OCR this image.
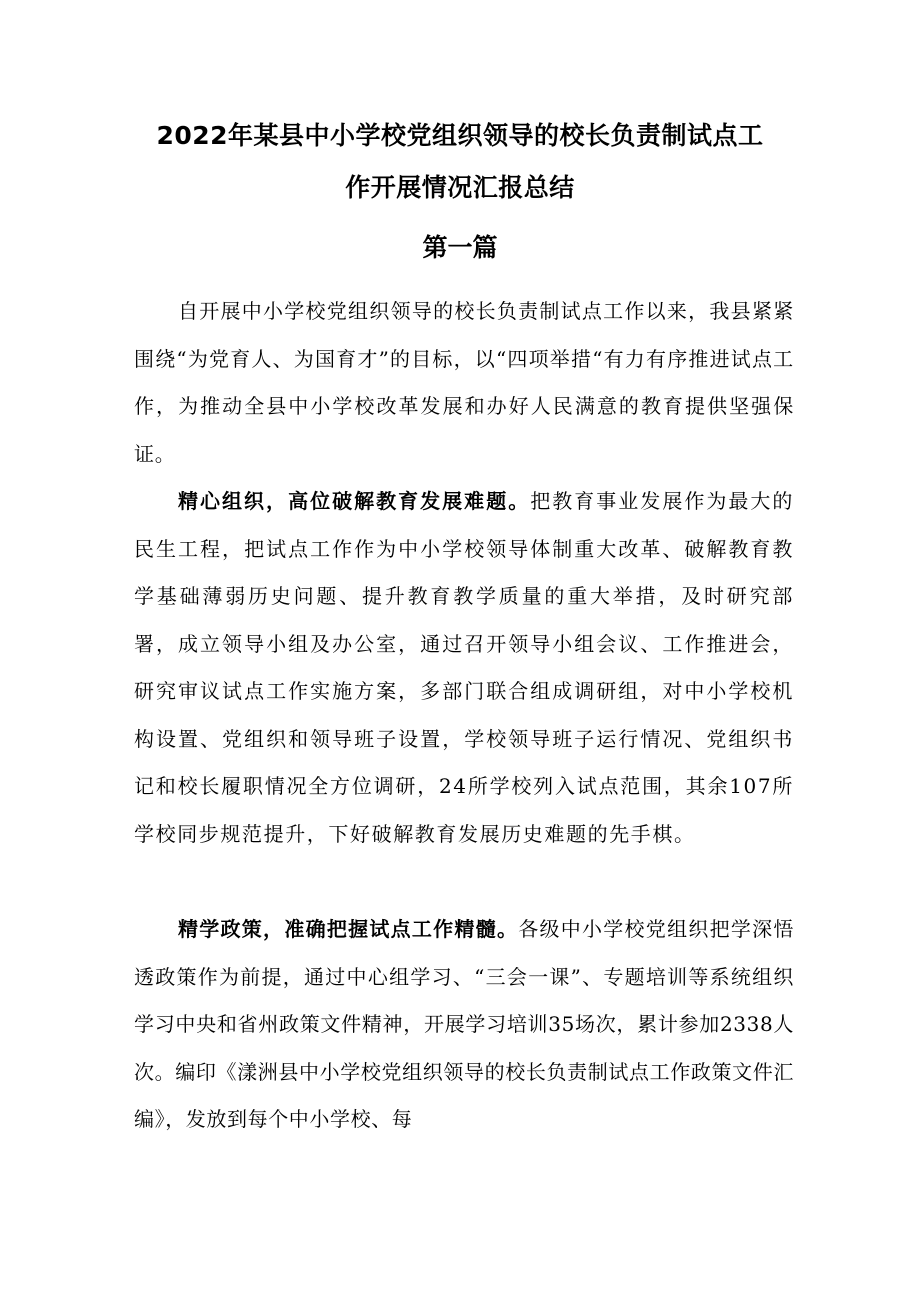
2022年某县中小学校党组织领导的校长负责制试点工
作开展情况汇报总结
第一篇

自开展中小学校党组织领导的校长负责制试点工作以来，我县紧紧围绕“为党育人、为国育才”的目标，以“四项举措“有力有序推进试点工作，为推动全县中小学校改革发展和办好人民满意的教育提供坚强保证。

精心组织，高位破解教育发展难题。把教育事业发展作为最大的民生工程，把试点工作作为中小学校领导体制重大改革、破解教育教学基础薄弱历史问题、提升教育教学质量的重大举措，及时研究部署，成立领导小组及办公室，通过召开领导小组会议、工作推进会，研究审议试点工作实施方案，多部门联合组成调研组，对中小学校机构设置、党组织和领导班子设置，学校领导班子运行情况、党组织书记和校长履职情况全方位调研，24所学校列入试点范围，其余107所学校同步规范提升，下好破解教育发展历史难题的先手棋。

精学政策，准确把握试点工作精髓。各级中小学校党组织把学深悟透政策作为前提，通过中心组学习、“三会一课”、专题培训等系统组织学习中央和省州政策文件精神，开展学习培训35场次，累计参加2338人次。编印《漾洲县中小学校党组织领导的校长负责制试点工作政策文件汇编》，发放到每个中小学校、每
